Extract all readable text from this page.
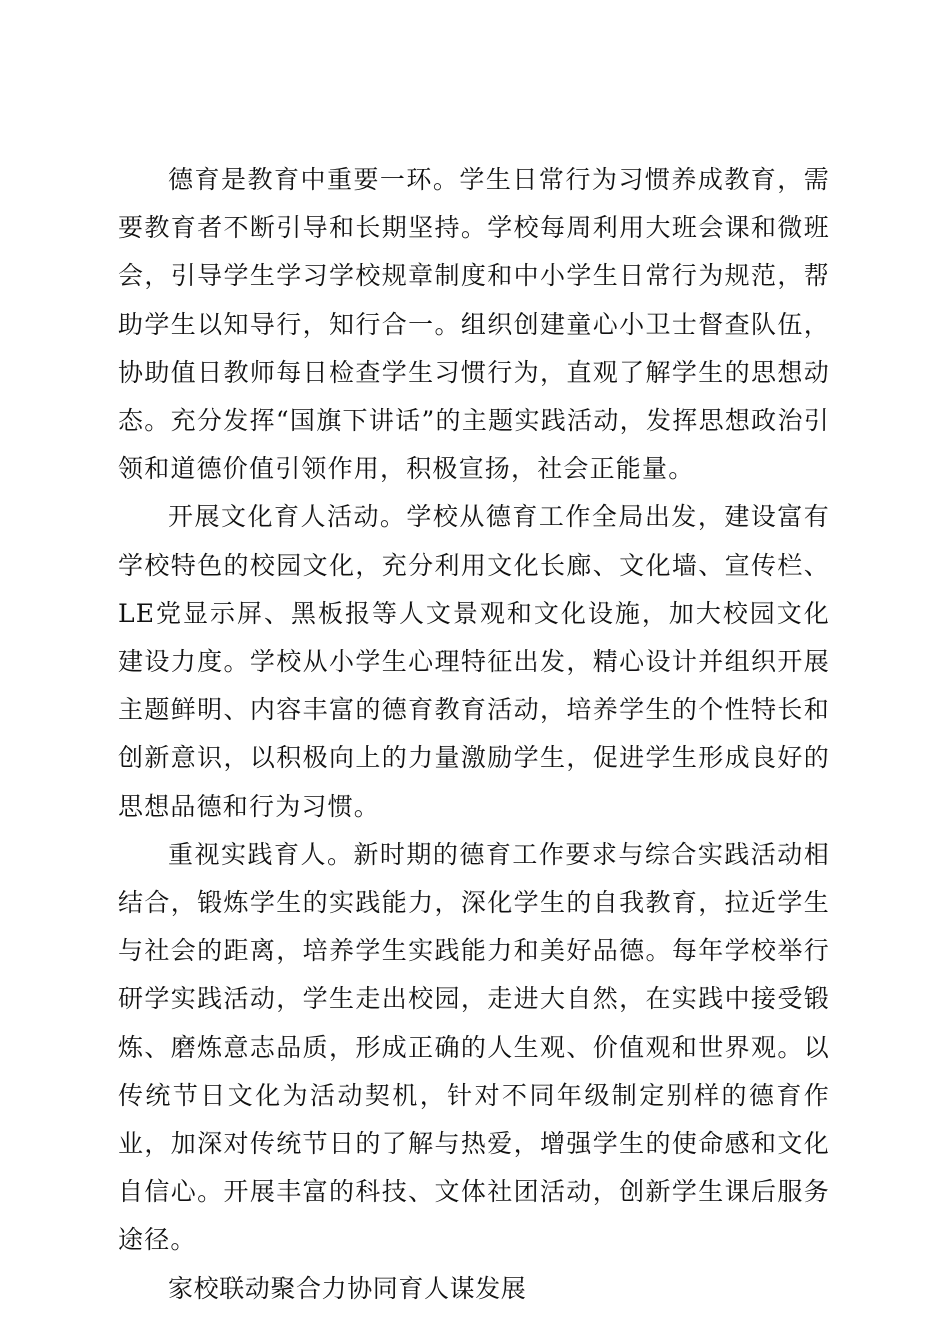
德育是教育中重要一环。学生日常行为习惯养成教育，需要教育者不断引导和长期坚持。学校每周利用大班会课和微班会，引导学生学习学校规章制度和中小学生日常行为规范，帮助学生以知导行，知行合一。组织创建童心小卫士督查队伍，协助值日教师每日检查学生习惯行为，直观了解学生的思想动态。充分发挥“国旗下讲话”的主题实践活动，发挥思想政治引领和道德价值引领作用，积极宣扬，社会正能量。

开展文化育人活动。学校从德育工作全局出发，建设富有学校特色的校园文化，充分利用文化长廊、文化墙、宣传栏、LE党显示屏、黑板报等人文景观和文化设施，加大校园文化建设力度。学校从小学生心理特征出发，精心设计并组织开展主题鲜明、内容丰富的德育教育活动，培养学生的个性特长和创新意识，以积极向上的力量激励学生，促进学生形成良好的思想品德和行为习惯。

重视实践育人。新时期的德育工作要求与综合实践活动相结合，锻炼学生的实践能力，深化学生的自我教育，拉近学生与社会的距离，培养学生实践能力和美好品德。每年学校举行研学实践活动，学生走出校园，走进大自然，在实践中接受锻炼、磨炼意志品质，形成正确的人生观、价值观和世界观。以传统节日文化为活动契机，针对不同年级制定别样的德育作业，加深对传统节日的了解与热爱，增强学生的使命感和文化自信心。开展丰富的科技、文体社团活动，创新学生课后服务途径。

家校联动聚合力协同育人谋发展
